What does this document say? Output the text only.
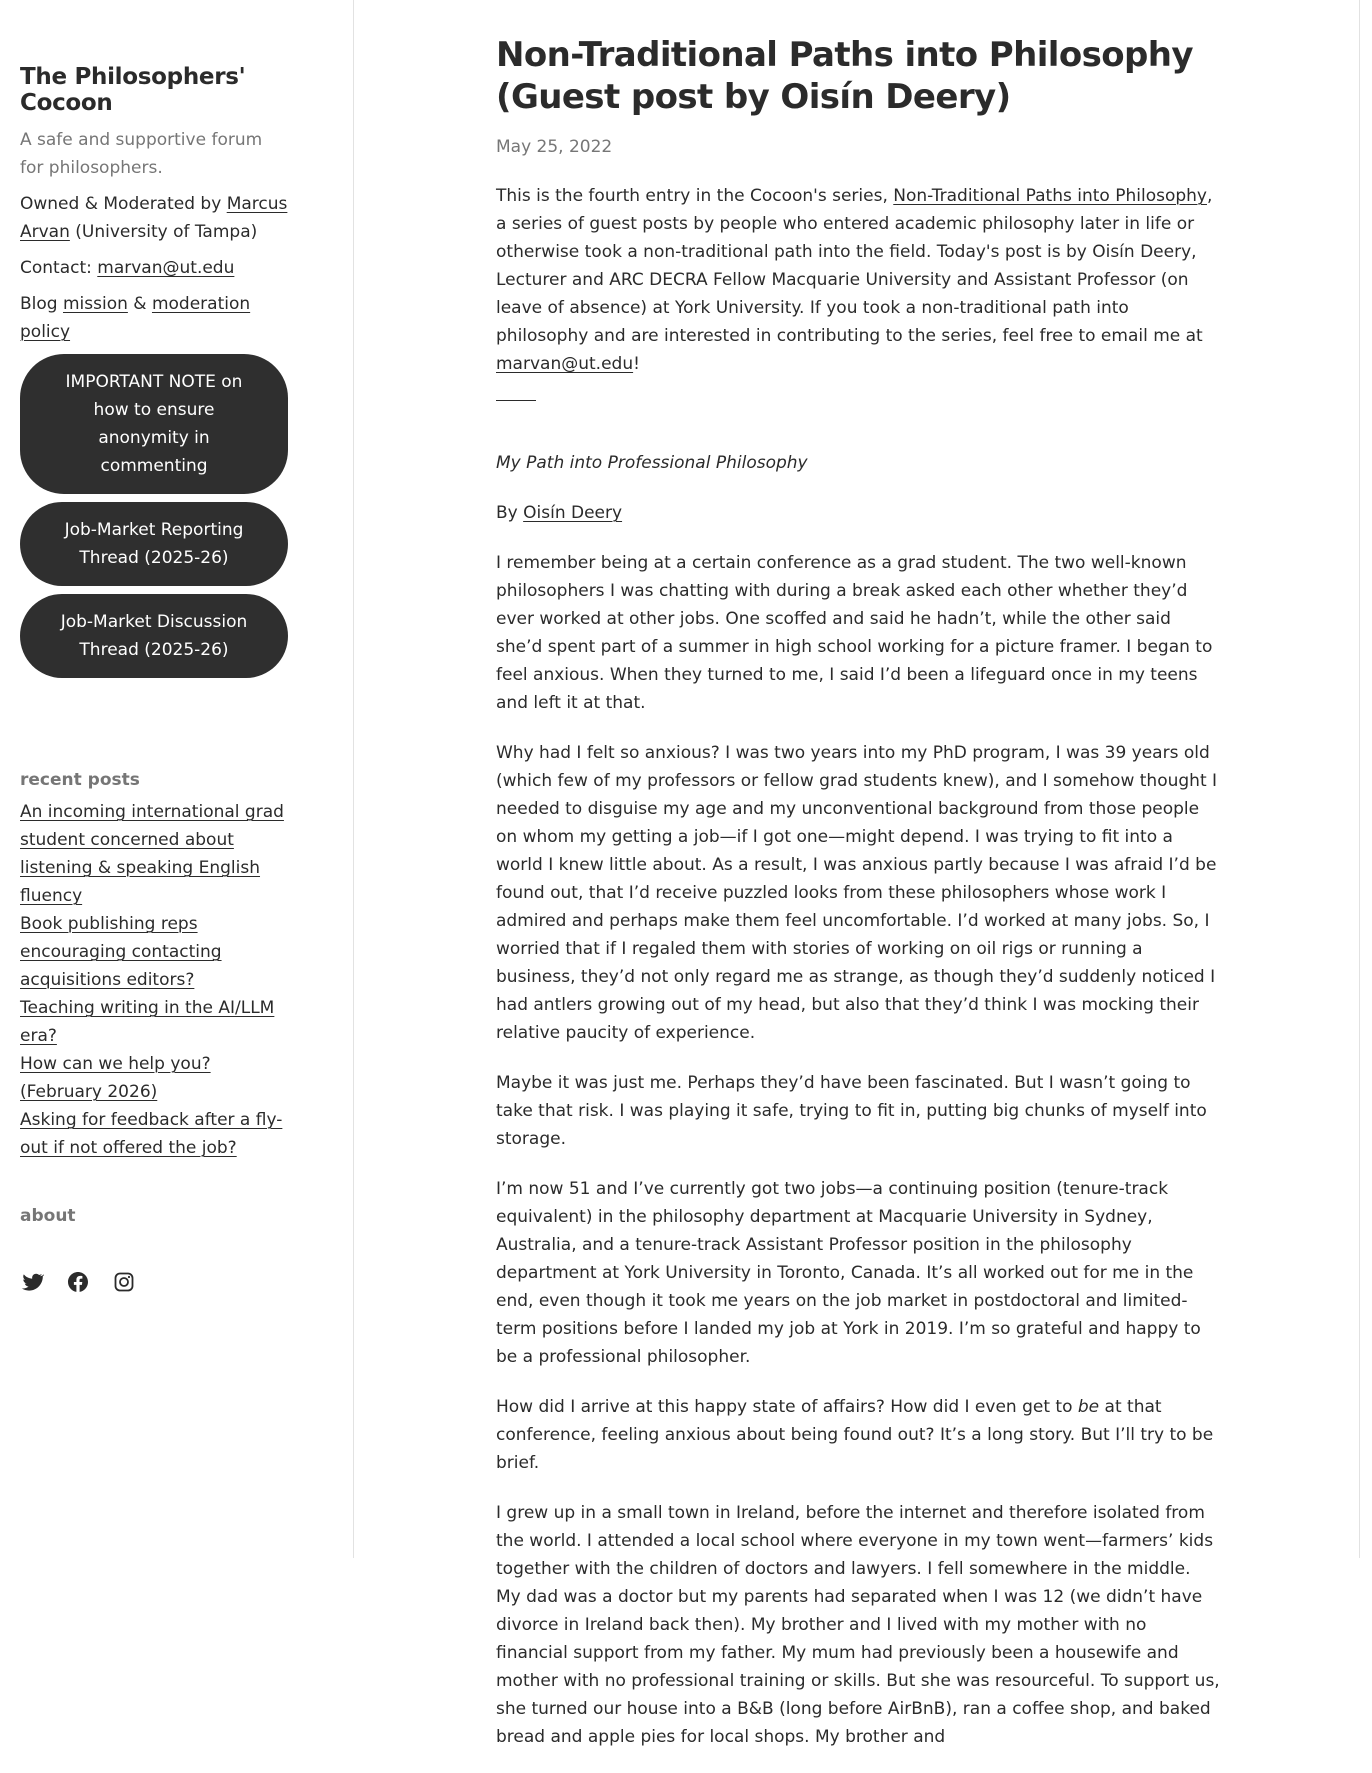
The Philosophers' Cocoon

A safe and supportive forum for philosophers.

Owned & Moderated by Marcus Arvan (University of Tampa)

Contact: marvan@ut.edu

Blog mission & moderation policy

IMPORTANT NOTE on how to ensure anonymity in commenting
Job-Market Reporting Thread (2025-26)
Job-Market Discussion Thread (2025-26)
recent posts
An incoming international grad student concerned about listening & speaking English fluency
Book publishing reps encouraging contacting acquisitions editors?
Teaching writing in the AI/LLM era?
How can we help you? (February 2026)
Asking for feedback after a fly-out if not offered the job?
about
Non-Traditional Paths into Philosophy (Guest post by Oisín Deery)

May 25, 2022

This is the fourth entry in the Cocoon's series, Non-Traditional Paths into Philosophy, a series of guest posts by people who entered academic philosophy later in life or otherwise took a non-traditional path into the field. Today's post is by Oisín Deery, Lecturer and ARC DECRA Fellow Macquarie University and Assistant Professor (on leave of absence) at York University. If you took a non-traditional path into philosophy and are interested in contributing to the series, feel free to email me at marvan@ut.edu!

My Path into Professional Philosophy

By Oisín Deery

I remember being at a certain conference as a grad student. The two well-known philosophers I was chatting with during a break asked each other whether they’d ever worked at other jobs. One scoffed and said he hadn’t, while the other said she’d spent part of a summer in high school working for a picture framer. I began to feel anxious. When they turned to me, I said I’d been a lifeguard once in my teens and left it at that.

Why had I felt so anxious? I was two years into my PhD program, I was 39 years old (which few of my professors or fellow grad students knew), and I somehow thought I needed to disguise my age and my unconventional background from those people on whom my getting a job—if I got one—might depend. I was trying to fit into a world I knew little about. As a result, I was anxious partly because I was afraid I’d be found out, that I’d receive puzzled looks from these philosophers whose work I admired and perhaps make them feel uncomfortable. I’d worked at many jobs. So, I worried that if I regaled them with stories of working on oil rigs or running a business, they’d not only regard me as strange, as though they’d suddenly noticed I had antlers growing out of my head, but also that they’d think I was mocking their relative paucity of experience.

Maybe it was just me. Perhaps they’d have been fascinated. But I wasn’t going to take that risk. I was playing it safe, trying to fit in, putting big chunks of myself into storage.

I’m now 51 and I’ve currently got two jobs—a continuing position (tenure-track equivalent) in the philosophy department at Macquarie University in Sydney, Australia, and a tenure-track Assistant Professor position in the philosophy department at York University in Toronto, Canada. It’s all worked out for me in the end, even though it took me years on the job market in postdoctoral and limited-term positions before I landed my job at York in 2019. I’m so grateful and happy to be a professional philosopher.

How did I arrive at this happy state of affairs? How did I even get to be at that conference, feeling anxious about being found out? It’s a long story. But I’ll try to be brief.

I grew up in a small town in Ireland, before the internet and therefore isolated from the world. I attended a local school where everyone in my town went—farmers’ kids together with the children of doctors and lawyers. I fell somewhere in the middle. My dad was a doctor but my parents had separated when I was 12 (we didn’t have divorce in Ireland back then). My brother and I lived with my mother with no financial support from my father. My mum had previously been a housewife and mother with no professional training or skills. But she was resourceful. To support us, she turned our house into a B&B (long before AirBnB), ran a coffee shop, and baked bread and apple pies for local shops. My brother and
